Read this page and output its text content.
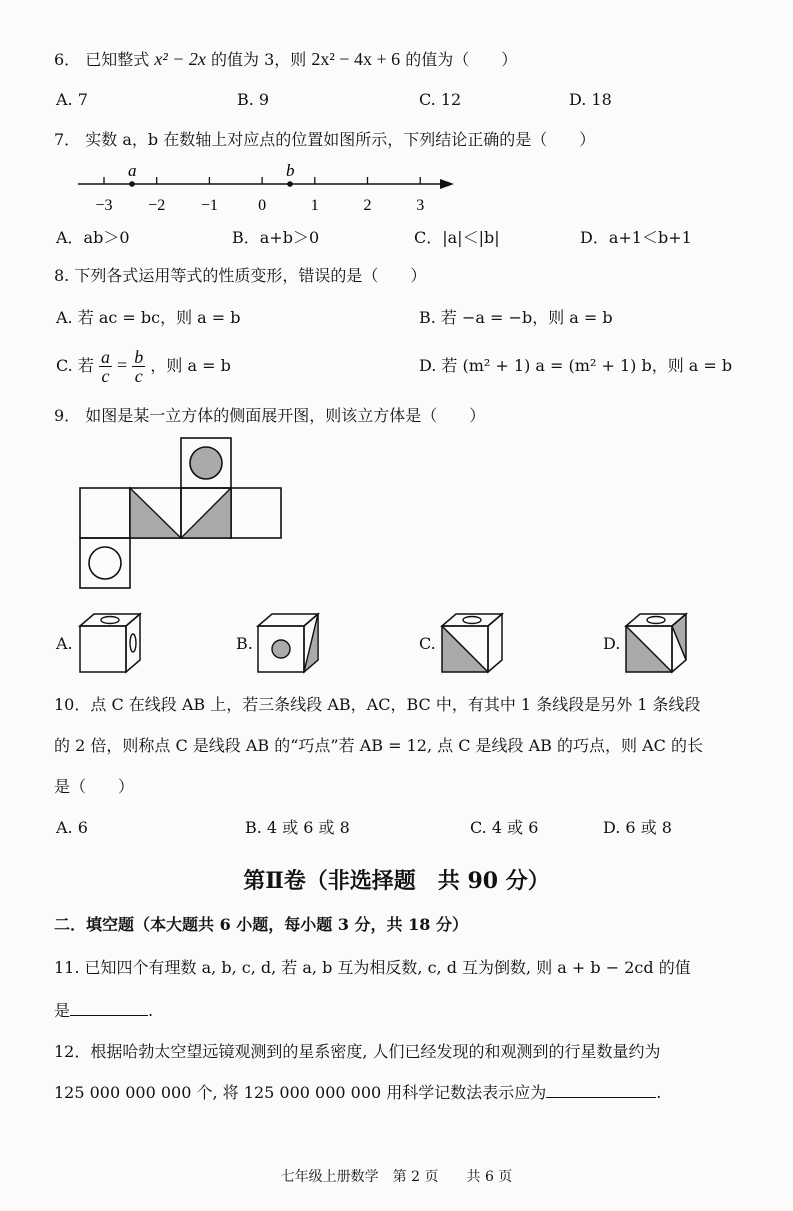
6． 已知整式 x² − 2x 的值为 3，则 2x² − 4x + 6 的值为（　　）
A. 7	B. 9	C. 12	D. 18
7． 实数 a，b 在数轴上对应点的位置如图所示，下列结论正确的是（　　）
−3 −2 −1	0	1	2	3
a	b
A．ab＞0	B．a+b＞0	C．|a|＜|b|	D．a+1＜b+1
8. 下列各式运用等式的性质变形，错误的是（　　）
A. 若 ac = bc，则 a = b	B. 若 −a = −b，则 a = b
C. 若 $\frac{a}{c} = \frac{b}{c}$ ，则 a = b	D. 若 (m² + 1) a = (m² + 1) b，则 a = b
9． 如图是某一立方体的侧面展开图，则该立方体是（　　）
A.	B.	C.	D.
10．点 C 在线段 AB 上，若三条线段 AB，AC，BC 中，有其中 1 条线段是另外 1 条线段
的 2 倍，则称点 C 是线段 AB 的“巧点”若 AB = 12, 点 C 是线段 AB 的巧点，则 AC 的长
是（　　）
A. 6	B. 4 或 6 或 8	C. 4 或 6	D. 6 或 8
第Ⅱ卷（非选择题　共 90 分）
二．填空题（本大题共 6 小题，每小题 3 分，共 18 分）
11. 已知四个有理数 a, b, c, d, 若 a, b 互为相反数, c, d 互为倒数, 则 a + b − 2cd 的值
是	.
12．根据哈勃太空望远镜观测到的星系密度, 人们已经发现的和观测到的行星数量约为
125 000 000 000 个, 将 125 000 000 000 用科学记数法表示应为	.
七年级上册数学　第 2 页　　共 6 页
